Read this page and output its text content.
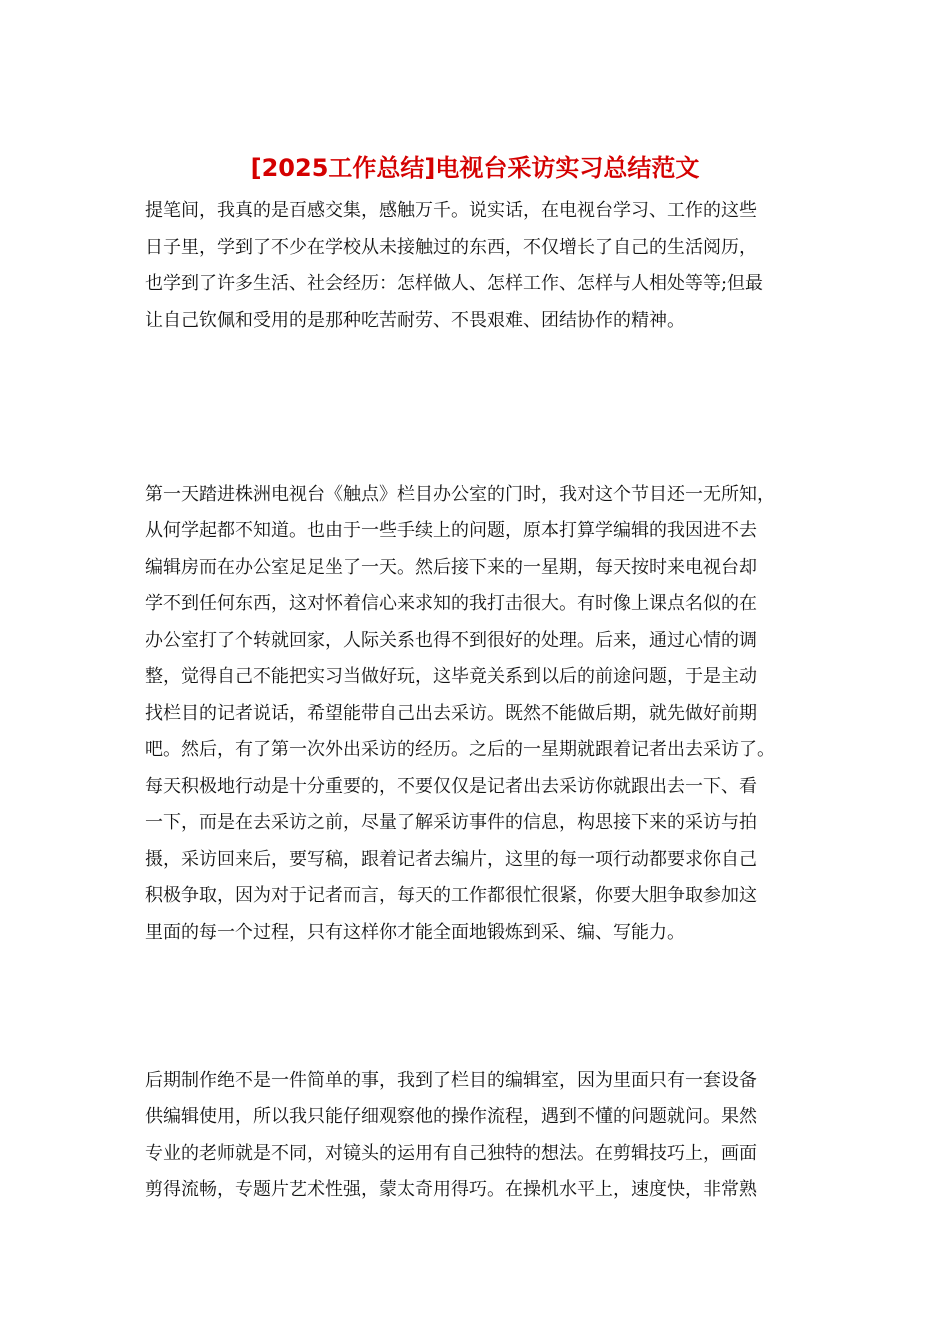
[2025工作总结]电视台采访实习总结范文

提笔间，我真的是百感交集，感触万千。说实话，在电视台学习、工作的这些

日子里，学到了不少在学校从未接触过的东西，不仅增长了自己的生活阅历，

也学到了许多生活、社会经历：怎样做人、怎样工作、怎样与人相处等等;但最

让自己钦佩和受用的是那种吃苦耐劳、不畏艰难、团结协作的精神。

第一天踏进株洲电视台《触点》栏目办公室的门时，我对这个节目还一无所知，

从何学起都不知道。也由于一些手续上的问题，原本打算学编辑的我因进不去

编辑房而在办公室足足坐了一天。然后接下来的一星期，每天按时来电视台却

学不到任何东西，这对怀着信心来求知的我打击很大。有时像上课点名似的在

办公室打了个转就回家，人际关系也得不到很好的处理。后来，通过心情的调

整，觉得自己不能把实习当做好玩，这毕竟关系到以后的前途问题，于是主动

找栏目的记者说话，希望能带自己出去采访。既然不能做后期，就先做好前期

吧。然后，有了第一次外出采访的经历。之后的一星期就跟着记者出去采访了。

每天积极地行动是十分重要的，不要仅仅是记者出去采访你就跟出去一下、看

一下，而是在去采访之前，尽量了解采访事件的信息，构思接下来的采访与拍

摄，采访回来后，要写稿，跟着记者去编片，这里的每一项行动都要求你自己

积极争取，因为对于记者而言，每天的工作都很忙很紧，你要大胆争取参加这

里面的每一个过程，只有这样你才能全面地锻炼到采、编、写能力。

后期制作绝不是一件简单的事，我到了栏目的编辑室，因为里面只有一套设备

供编辑使用，所以我只能仔细观察他的操作流程，遇到不懂的问题就问。果然

专业的老师就是不同，对镜头的运用有自己独特的想法。在剪辑技巧上，画面

剪得流畅，专题片艺术性强，蒙太奇用得巧。在操机水平上，速度快，非常熟
